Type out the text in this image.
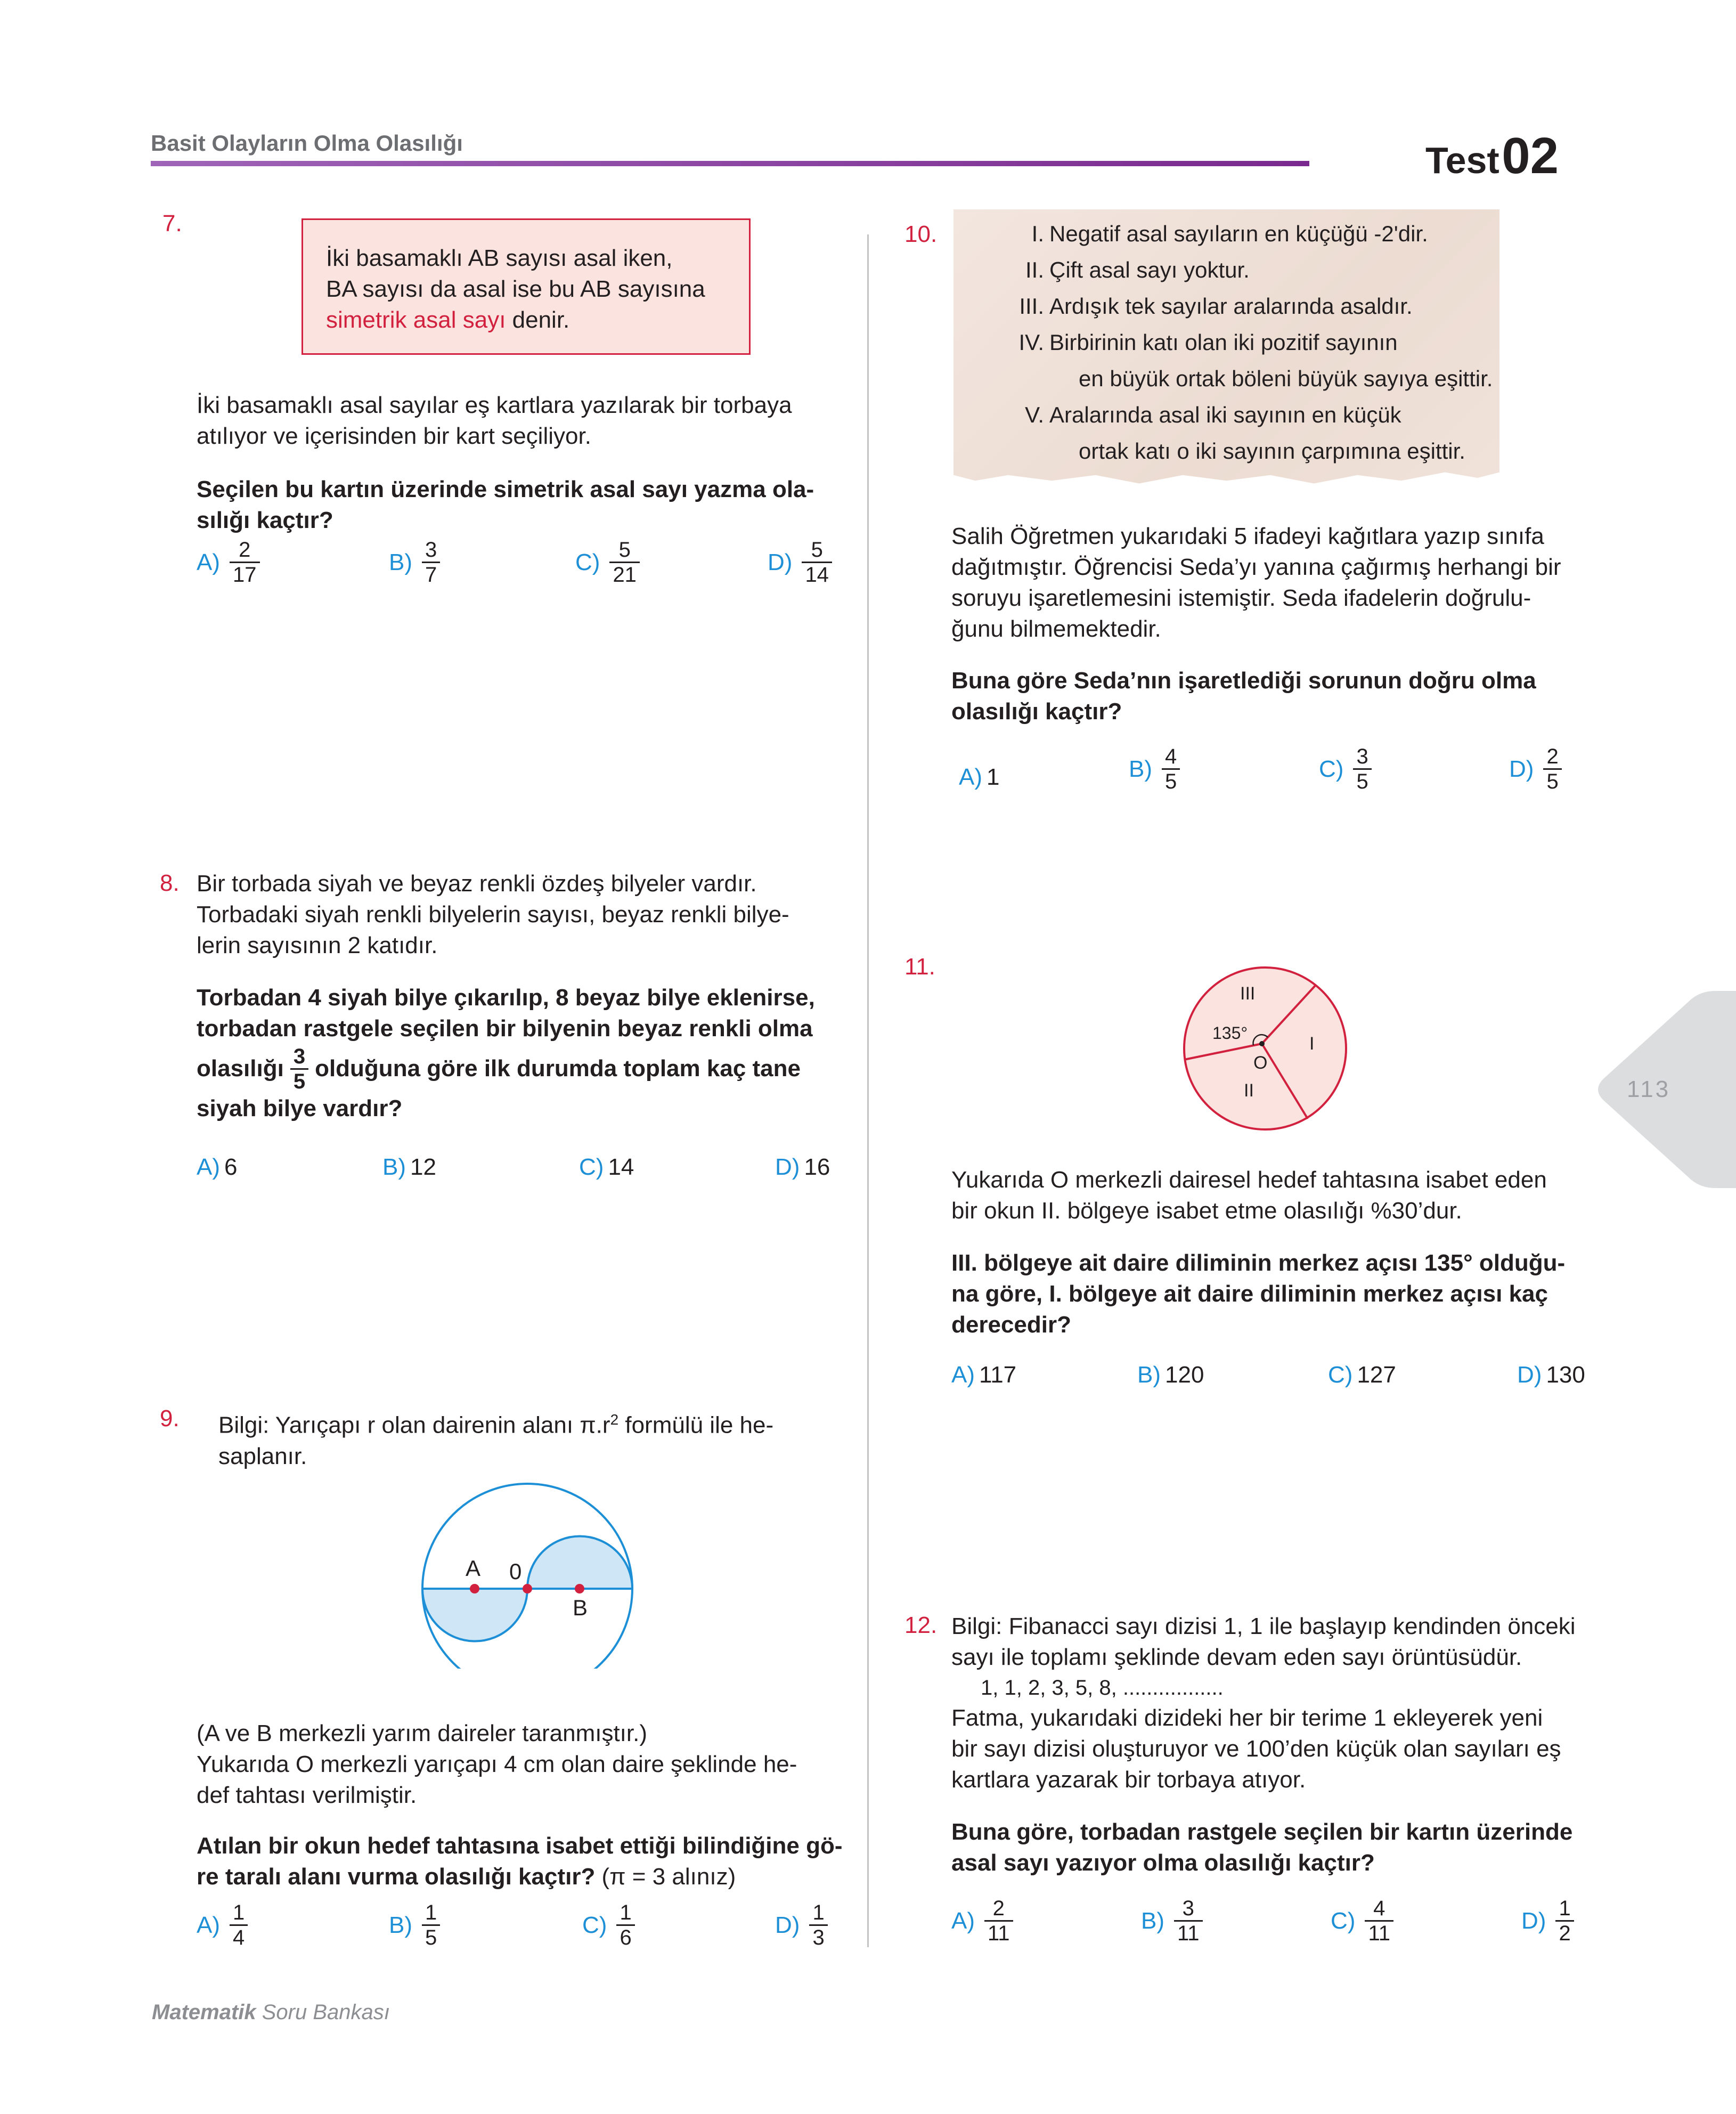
Basit Olayların Olma Olasılığı	Test 02
7.
İki basamaklı AB sayısı asal iken,
BA sayısı da asal ise bu AB sayısına
simetrik asal sayı denir.
İki basamaklı asal sayılar eş kartlara yazılarak bir torbaya
atılıyor ve içerisinden bir kart seçiliyor.
Seçilen bu kartın üzerinde simetrik asal sayı yazma ola-
sılığı kaçtır?
$A) \frac{2}{17}$	$B) \frac{3}{7}$	$C) \frac{5}{21}$	$D) \frac{5}{14}$
8. Bir torbada siyah ve beyaz renkli özdeş bilyeler vardır.
Torbadaki siyah renkli bilyelerin sayısı, beyaz renkli bilye-
lerin sayısının 2 katıdır.
Torbadan 4 siyah bilye çıkarılıp, 8 beyaz bilye eklenirse,
torbadan rastgele seçilen bir bilyenin beyaz renkli olma
olasılığı $\frac{3}{5}$ olduğuna göre ilk durumda toplam kaç tane
siyah bilye vardır?
A) 6	B) 12	C) 14	D) 16
9. Bilgi: Yarıçapı r olan dairenin alanı $\pi.r^2$ formülü ile he-
saplanır.
A 0
B
(A ve B merkezli yarım daireler taranmıştır.)
Yukarıda O merkezli yarıçapı 4 cm olan daire şeklinde he-
def tahtası verilmiştir.
Atılan bir okun hedef tahtasına isabet ettiği bilindiğine gö-
re taralı alanı vurma olasılığı kaçtır? (π = 3 alınız)
$A) \frac{1}{4}$	$B) \frac{1}{5}$	$C) \frac{1}{6}$	$D) \frac{1}{3}$
10.	I. Negatif asal sayıların en küçüğü -2'dir.
II. Çift asal sayı yoktur.
III. Ardışık tek sayılar aralarında asaldır.
IV. Birbirinin katı olan iki pozitif sayının
en büyük ortak böleni büyük sayıya eşittir.
V. Aralarında asal iki sayının en küçük
ortak katı o iki sayının çarpımına eşittir.
Salih Öğretmen yukarıdaki 5 ifadeyi kağıtlara yazıp sınıfa
dağıtmıştır. Öğrencisi Seda’yı yanına çağırmış herhangi bir
soruyu işaretlemesini istemiştir. Seda ifadelerin doğrulu-
ğunu bilmemektedir.
Buna göre Seda’nın işaretlediği sorunun doğru olma
olasılığı kaçtır?
A) 1	$B) \frac{4}{5}$	$C) \frac{3}{5}$	$D) \frac{2}{5}$
11.
III
135°
I
O
II
Yukarıda O merkezli dairesel hedef tahtasına isabet eden
bir okun II. bölgeye isabet etme olasılığı %30’dur.
III. bölgeye ait daire diliminin merkez açısı 135° olduğu-
na göre, I. bölgeye ait daire diliminin merkez açısı kaç
derecedir?
A) 117	B) 120	C) 127	D) 130
12. Bilgi: Fibanacci sayı dizisi 1, 1 ile başlayıp kendinden önceki
sayı ile toplamı şeklinde devam eden sayı örüntüsüdür.
1, 1, 2, 3, 5, 8, .................
Fatma, yukarıdaki dizideki her bir terime 1 ekleyerek yeni
bir sayı dizisi oluşturuyor ve 100’den küçük olan sayıları eş
kartlara yazarak bir torbaya atıyor.
Buna göre, torbadan rastgele seçilen bir kartın üzerinde
asal sayı yazıyor olma olasılığı kaçtır?
$A) \frac{2}{11}$	$B) \frac{3}{11}$	$C) \frac{4}{11}$	$D) \frac{1}{2}$
113
Matematik Soru Bankası
